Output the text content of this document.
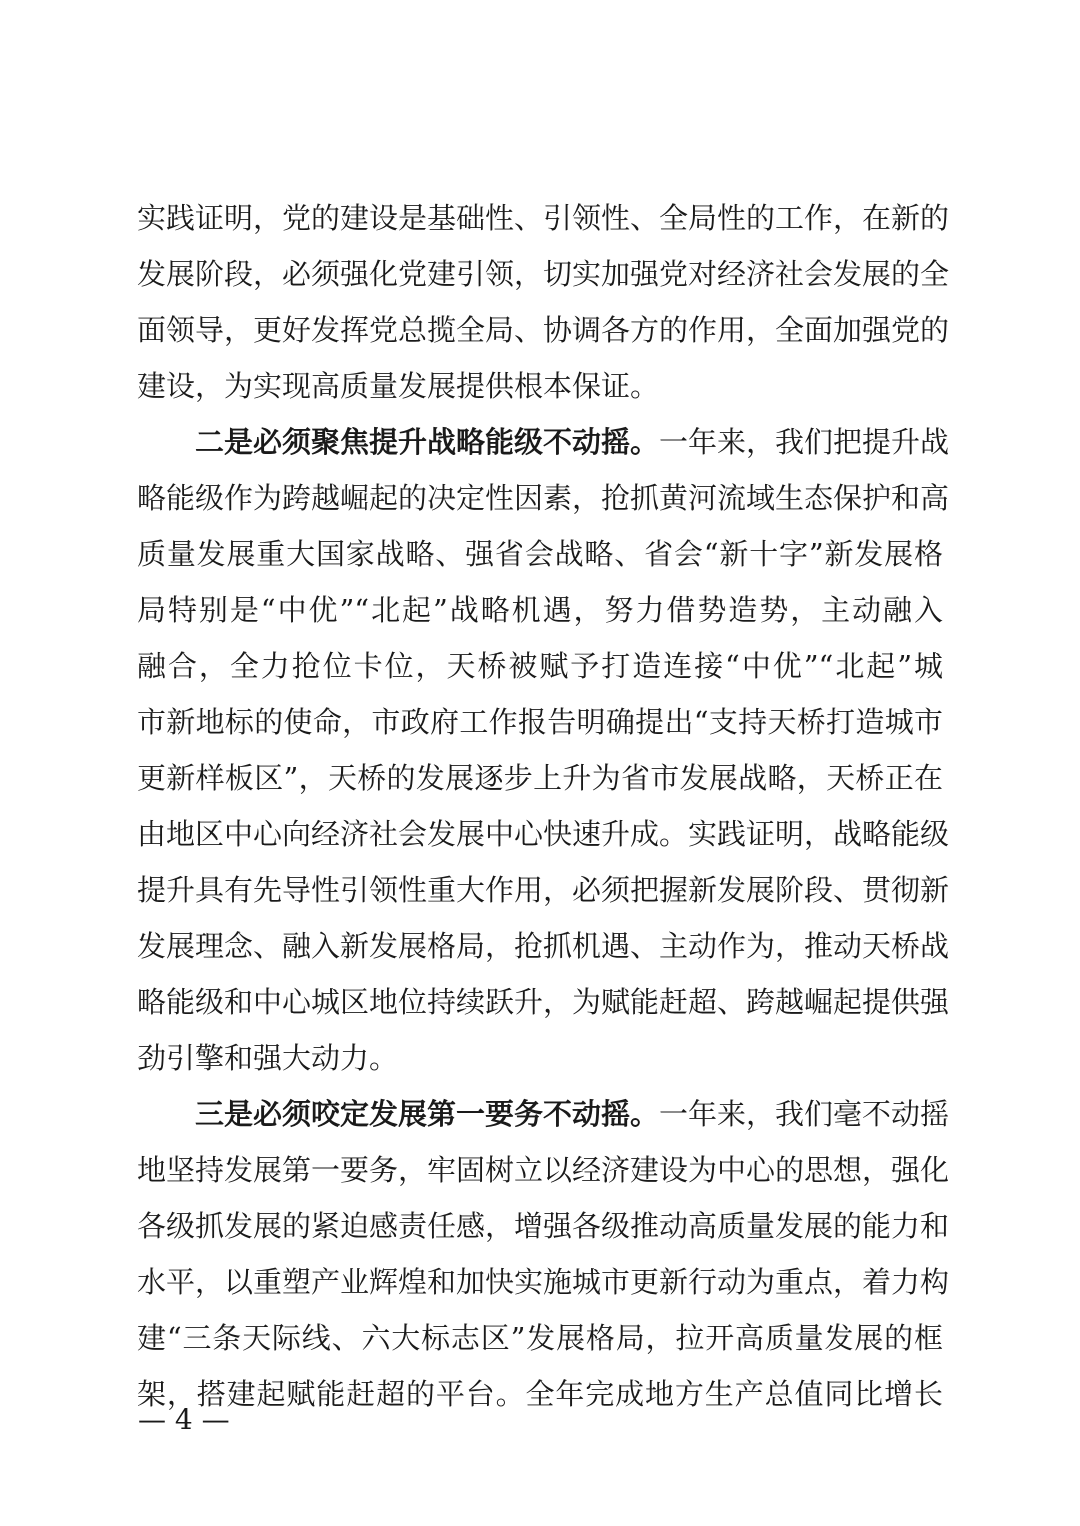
实践证明，党的建设是基础性、引领性、全局性的工作，在新的
发展阶段，必须强化党建引领，切实加强党对经济社会发展的全
面领导，更好发挥党总揽全局、协调各方的作用，全面加强党的
建设，为实现高质量发展提供根本保证。
　　二是必须聚焦提升战略能级不动摇。一年来，我们把提升战
略能级作为跨越崛起的决定性因素，抢抓黄河流域生态保护和高
质量发展重大国家战略、强省会战略、省会“新十字”新发展格
局特别是“中优”“北起”战略机遇，努力借势造势，主动融入
融合，全力抢位卡位，天桥被赋予打造连接“中优”“北起”城
市新地标的使命，市政府工作报告明确提出“支持天桥打造城市
更新样板区”，天桥的发展逐步上升为省市发展战略，天桥正在
由地区中心向经济社会发展中心快速升成。实践证明，战略能级
提升具有先导性引领性重大作用，必须把握新发展阶段、贯彻新
发展理念、融入新发展格局，抢抓机遇、主动作为，推动天桥战
略能级和中心城区地位持续跃升，为赋能赶超、跨越崛起提供强
劲引擎和强大动力。
　　三是必须咬定发展第一要务不动摇。一年来，我们毫不动摇
地坚持发展第一要务，牢固树立以经济建设为中心的思想，强化
各级抓发展的紧迫感责任感，增强各级推动高质量发展的能力和
水平，以重塑产业辉煌和加快实施城市更新行动为重点，着力构
建“三条天际线、六大标志区”发展格局，拉开高质量发展的框
架，搭建起赋能赶超的平台。全年完成地方生产总值同比增长
— 4 —
